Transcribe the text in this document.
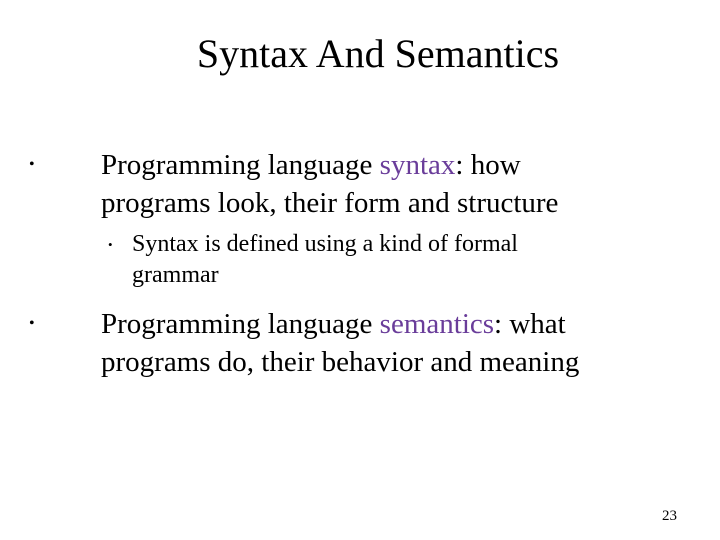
Syntax And Semantics
• Programming language syntax: how
programs look, their form and structure
• Syntax is defined using a kind of formal
grammar
• Programming language semantics: what
programs do, their behavior and meaning
23
